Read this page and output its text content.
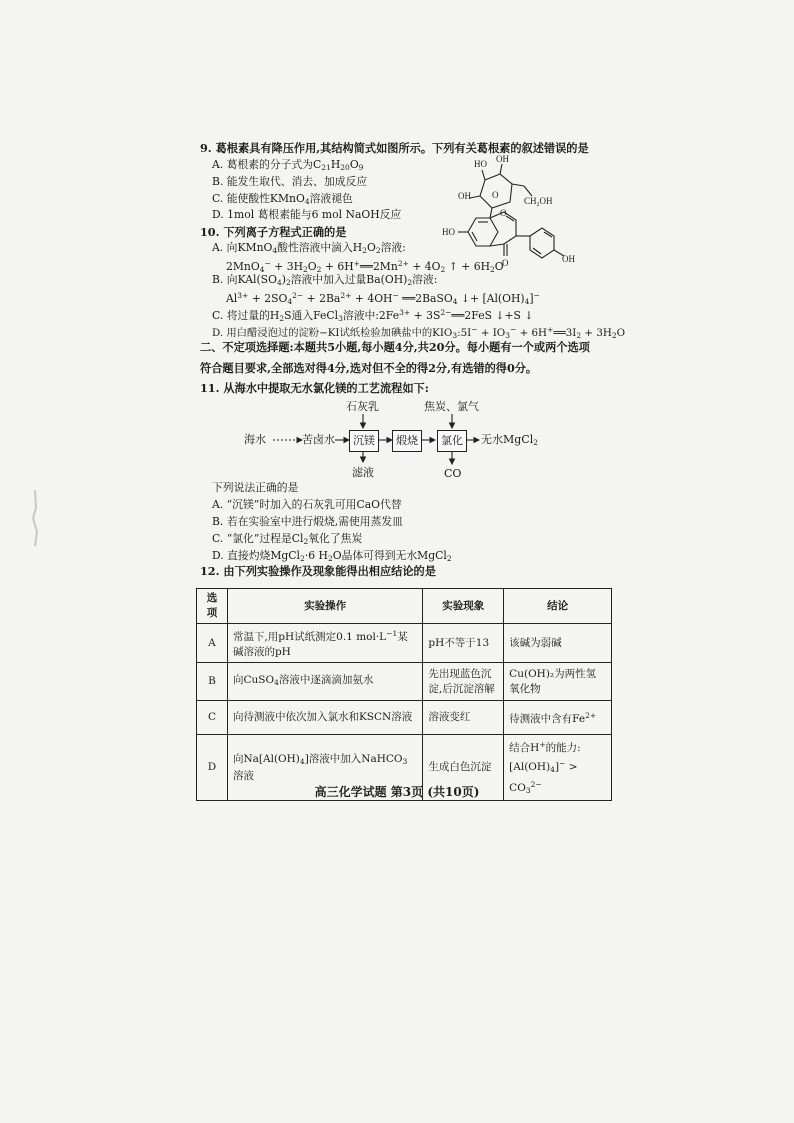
9. 葛根素具有降压作用,其结构简式如图所示。下列有关葛根素的叙述错误的是
A. 葛根素的分子式为$C_{21}H_{20}O_9$
B. 能发生取代、消去、加成反应
C. 能使酸性KMnO$_4$溶液褪色
D. 1mol 葛根素能与6 mol NaOH反应
HO OH
OH	$CH_2OH$
HO
O
O
O	OH
10. 下列离子方程式正确的是
A. 向KMnO$_4$酸性溶液中滴入$H_2O_2$溶液:
$2MnO_4^- + 3H_2O_2$ + $6H^+══2Mn^{2+} + 4O_2$ ↑ + $6H_2O$
B. 向$KAl(SO_4)_2$溶液中加入过量$Ba(OH)_2$溶液:
$Al^{3+} + 2SO_4^{2-} + 2Ba^{2+} + 4OH^-$ ══2BaSO$_4$ ↓+ $[Al(OH)_4]^-$
C. 将过量的$H_2S$通入FeCl$_3$溶液中$:2Fe^{3+}$ + $3S^{2-}══2FeS$ ↓+S ↓
D. 用白醋浸泡过的淀粉−KI试纸检验加碘盐中的$KIO_3:5I^- + IO_3^-$ + $6H^+══3I_2 + 3H_2O$
二、不定项选择题:本题共5小题,每小题4分,共20分。每小题有一个或两个选项符合题目要求,全部选对得4分,选对但不全的得2分,有选错的得0分。
11. 从海水中提取无水氯化镁的工艺流程如下:
海水	苦卤水
石灰乳	焦炭、氯气
沉镁	煅烧	氯化	无水MgCl$_2$
滤液	CO
下列说法正确的是
A. “沉镁”时加入的石灰乳可用CaO代替
B. 若在实验室中进行煅烧,需使用蒸发皿
C. “氯化”过程是$Cl_2$氧化了焦炭
D. 直接灼烧MgCl$_2$·6 $H_2O$晶体可得到无水MgCl$_2$
12. 由下列实验操作及现象能得出相应结论的是
选项	实验操作	实验现象	结论
A	常温下,用pH试纸测定0.1 $mol\cdot L^{-1}$某碱溶液的pH	pH不等于13	该碱为弱碱
B	向CuSO$_4$溶液中逐滴滴加氨水	先出现蓝色沉淀,后沉淀溶解	Cu(OH)₂为两性氢氧化物
C	向待测液中依次加入氯水和KSCN溶液	溶液变红	待测液中含有$Fe^{2+}$
D	向$Na[Al(OH)_4]$溶液中加入NaHCO$_3$溶液	生成白色沉淀	结合H+的能力$:[Al(OH)_4]^- > CO_3^{2-}$
高三化学试题 第3页 (共10页)
